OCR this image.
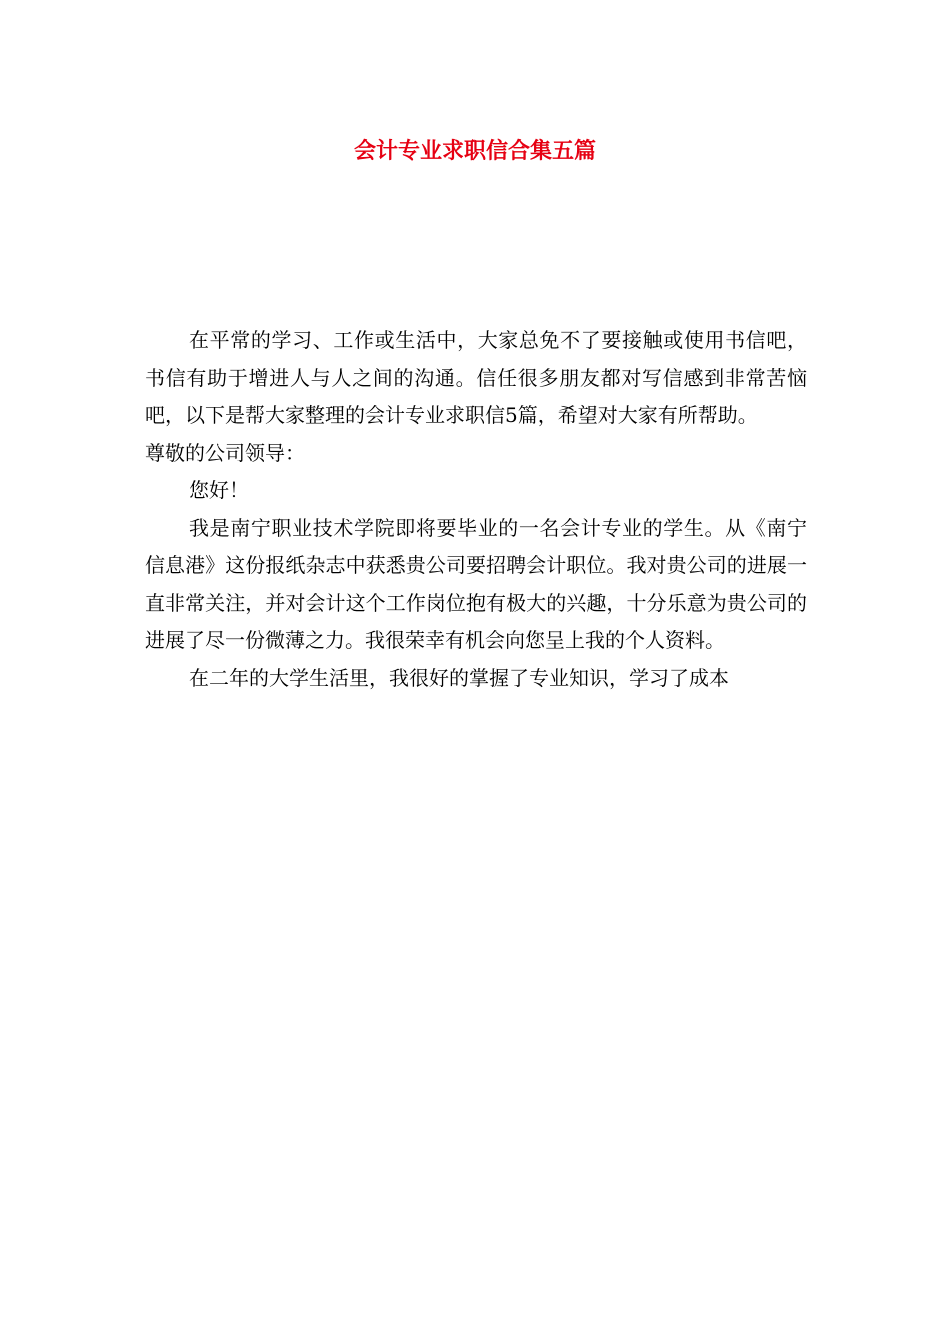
会计专业求职信合集五篇

在平常的学习、工作或生活中，大家总免不了要接触或使用书信吧，书信有助于增进人与人之间的沟通。信任很多朋友都对写信感到非常苦恼吧，以下是帮大家整理的会计专业求职信5篇，希望对大家有所帮助。

尊敬的公司领导：

您好！

我是南宁职业技术学院即将要毕业的一名会计专业的学生。从《南宁信息港》这份报纸杂志中获悉贵公司要招聘会计职位。我对贵公司的进展一直非常关注，并对会计这个工作岗位抱有极大的兴趣，十分乐意为贵公司的进展了尽一份微薄之力。我很荣幸有机会向您呈上我的个人资料。

在二年的大学生活里，我很好的掌握了专业知识，学习了成本
